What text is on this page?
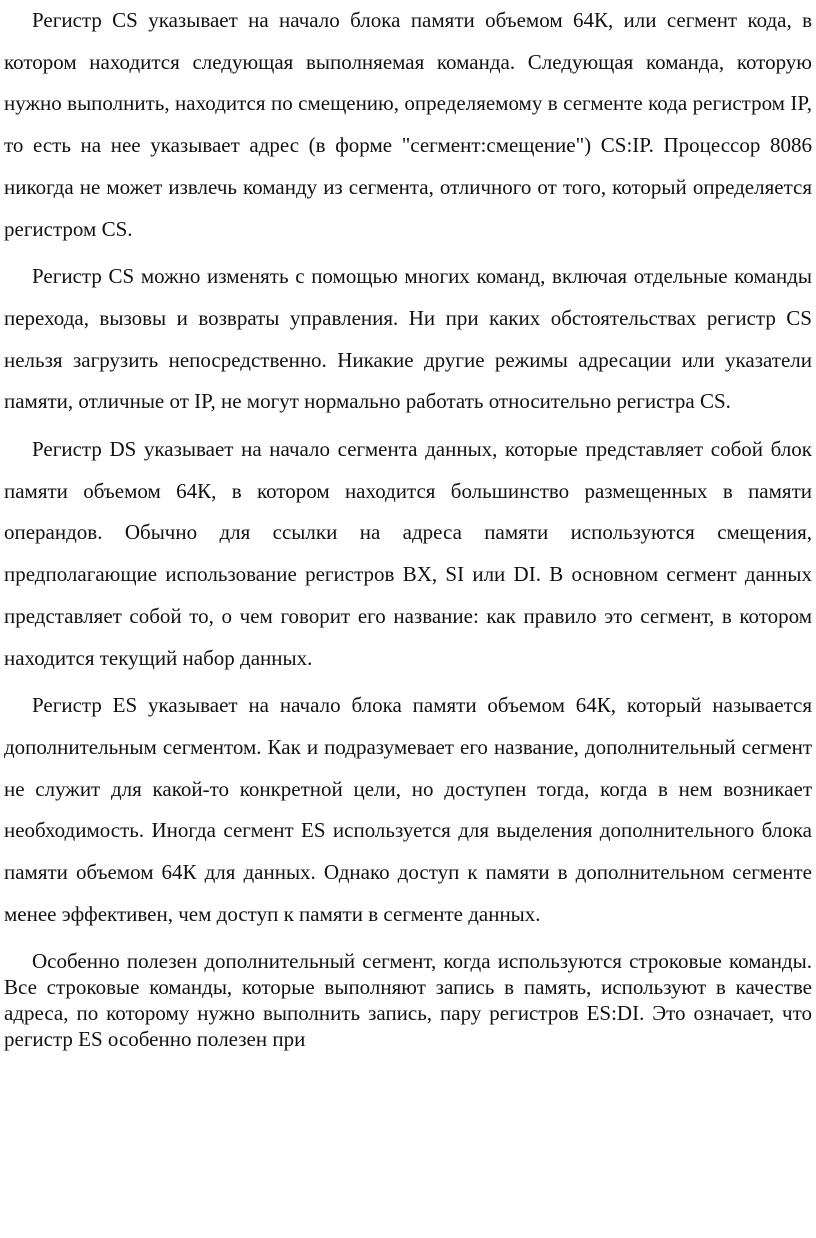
Регистр CS указывает на начало блока памяти объемом 64К, или сегмент кода, в котором находится следующая выполняемая команда. Следующая команда, которую нужно выполнить, находится по смещению, определяемому в сегменте кода регистром IP, то есть на нее указывает адрес (в форме "сегмент:смещение") CS:IP. Процессор 8086 никогда не может извлечь команду из сегмента, отличного от того, который определяется регистром CS.

Регистр CS можно изменять с помощью многих команд, включая отдельные команды перехода, вызовы и возвраты управления. Ни при каких обстоятельствах регистр CS нельзя загрузить непосредственно. Никакие другие режимы адресации или указатели памяти, отличные от IP, не могут нормально работать относительно регистра CS.

Регистр DS указывает на начало сегмента данных, которые представляет собой блок памяти объемом 64К, в котором находится большинство размещенных в памяти операндов. Обычно для ссылки на адреса памяти используются смещения, предполагающие использование регистров BX, SI или DI. В основном сегмент данных представляет собой то, о чем говорит его название: как правило это сегмент, в котором находится текущий набор данных.

Регистр ES указывает на начало блока памяти объемом 64К, который называется дополнительным сегментом. Как и подразумевает его название, дополнительный сегмент не служит для какой-то конкретной цели, но доступен тогда, когда в нем возникает необходимость. Иногда сегмент ES используется для выделения дополнительного блока памяти объемом 64К для данных. Однако доступ к памяти в дополнительном сегменте менее эффективен, чем доступ к памяти в сегменте данных.

Особенно полезен дополнительный сегмент, когда используются строковые команды. Все строковые команды, которые выполняют запись в память, используют в качестве адреса, по которому нужно выполнить запись, пару регистров ES:DI. Это означает, что регистр ES особенно полезен при
